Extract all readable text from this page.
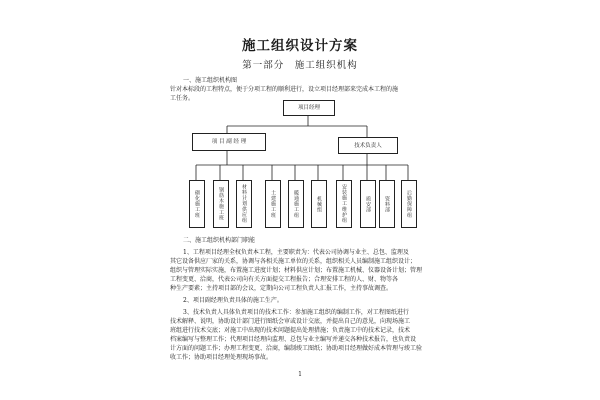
施工组织设计方案
第一部分　施工组织机构
一、施工组织机构图
针对本标段的工程特点，便于分项工程的顺利进行，设立项目经理部来完成本工程的施
工任务。
项目经理
项 目 副 经 理
技术负责人
砌化施工班	钢筋木施工班	材料计划供应组	土建施工班	暖通施工组	机械组	安装施工维护组	质安部	资料部	后勤保障组
二、施工组织机构部门职能
1、工程项目经理全权负责本工程，主要职责为：代表公司协调与业主、总包、监理及
其它设备供应厂家的关系，协调与各相关施工单位的关系，组织相关人员编制施工组织设计；
组织与管理实际实施，布置施工进度计划；材料供应计划；布置施工机械、仪器设备计划；管理
工程变更、洽商，代表公司向有关方面提交工程报告；合理安排工程的人、财、物等各
种生产要素；主持项目部的会议，定期向公司工程负责人汇报工作，主持事故调查。
2、项目副经理负责具体的施工生产。
3、技术负责人具体负责项目的技术工作：参加施工组织的编制工作，对工程图纸进行
技术解释、说明，协助设计部门进行图纸会审或设计交底，并提出自己的意见，向现场施工
班组进行技术交底；对施工中出现的技术问题提出处理措施；负责施工中的技术记录，技术
档案编写与整理工作；代理项目经理向监理、总包与业主编写并递交各种技术报告，也负责设
计方面的问题工作；办理工程变更、洽商，编制竣工图纸；协助项目经理做好成本管理与竣工验
收工作；协助项目经理处理现场事故。
1
